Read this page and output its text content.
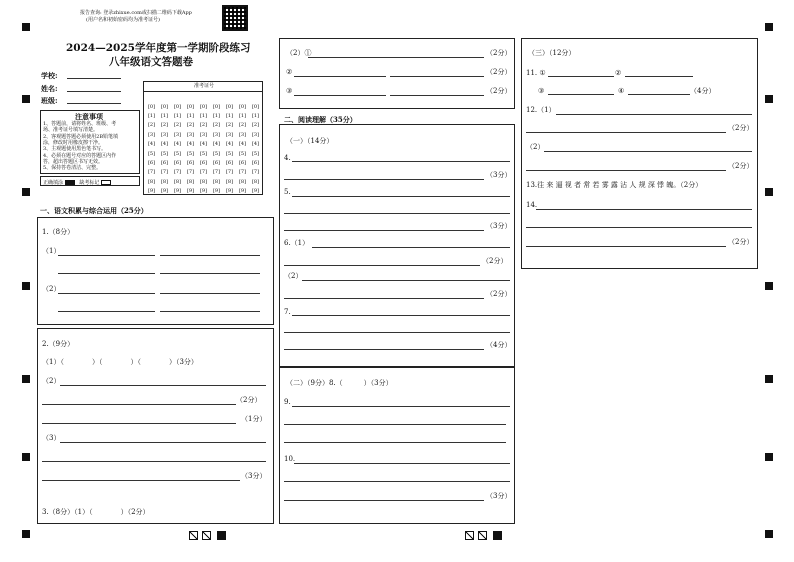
报告查询: 登录zhixue.com或扫描二维码下载App
(用户名和初始密码均为准考证号)
2024—2025学年度第一学期阶段练习
八年级语文答题卷
学校:
姓名:
班级:
注意事项
1、答题前，请将姓名、班级、考
场、准考证号填写清楚。
2、客观题答题必须使用2B铅笔填
涂，修改时用橡皮擦干净。
3、主观题使用黑色笔书写。
4、必须在题号对应的答题区内作
答，超出答题区书写无效。
5、保持答卷清洁、完整。
正确填涂	缺考标记
准考证号
[0]	[0]	[0]	[0]	[0]	[0]	[0]	[0]	[0]
[1]	[1]	[1]	[1]	[1]	[1]	[1]	[1]	[1]
[2]	[2]	[2]	[2]	[2]	[2]	[2]	[2]	[2]
[3]	[3]	[3]	[3]	[3]	[3]	[3]	[3]	[3]
[4]	[4]	[4]	[4]	[4]	[4]	[4]	[4]	[4]
[5]	[5]	[5]	[5]	[5]	[5]	[5]	[5]	[5]
[6]	[6]	[6]	[6]	[6]	[6]	[6]	[6]	[6]
[7]	[7]	[7]	[7]	[7]	[7]	[7]	[7]	[7]
[8]	[8]	[8]	[8]	[8]	[8]	[8]	[8]	[8]
[9]	[9]	[9]	[9]	[9]	[9]	[9]	[9]	[9]
一、语文积累与综合运用（25分）
1.（8分）
（1）
（2）
2.（9分）
（1）（　　　　）（　　　　）（　　　　）（3分）
（2）
（2分）
（1分）
（3）
（3分）
3.（8分）（1）（　　　　）（2分）
（2）①	（2分）
②	（2分）
③	（2分）
二、阅读理解（35分）
（一）（14分）
4.
（3分）
5.
（3分）
6.（1）
（2分）
（2）
（2分）
7.
（4分）
（二）（9分）8.（　　　）（3分）
9.
10.
（3分）
（三）（12分）
11. ①	②
③	④	（4分）
12.（1）
（2分）
（2）
（2分）
13.往 来 逼 视 者 常 若 雾 露 沾 人 规 深 悸 魄。（2分）
14.
（2分）
